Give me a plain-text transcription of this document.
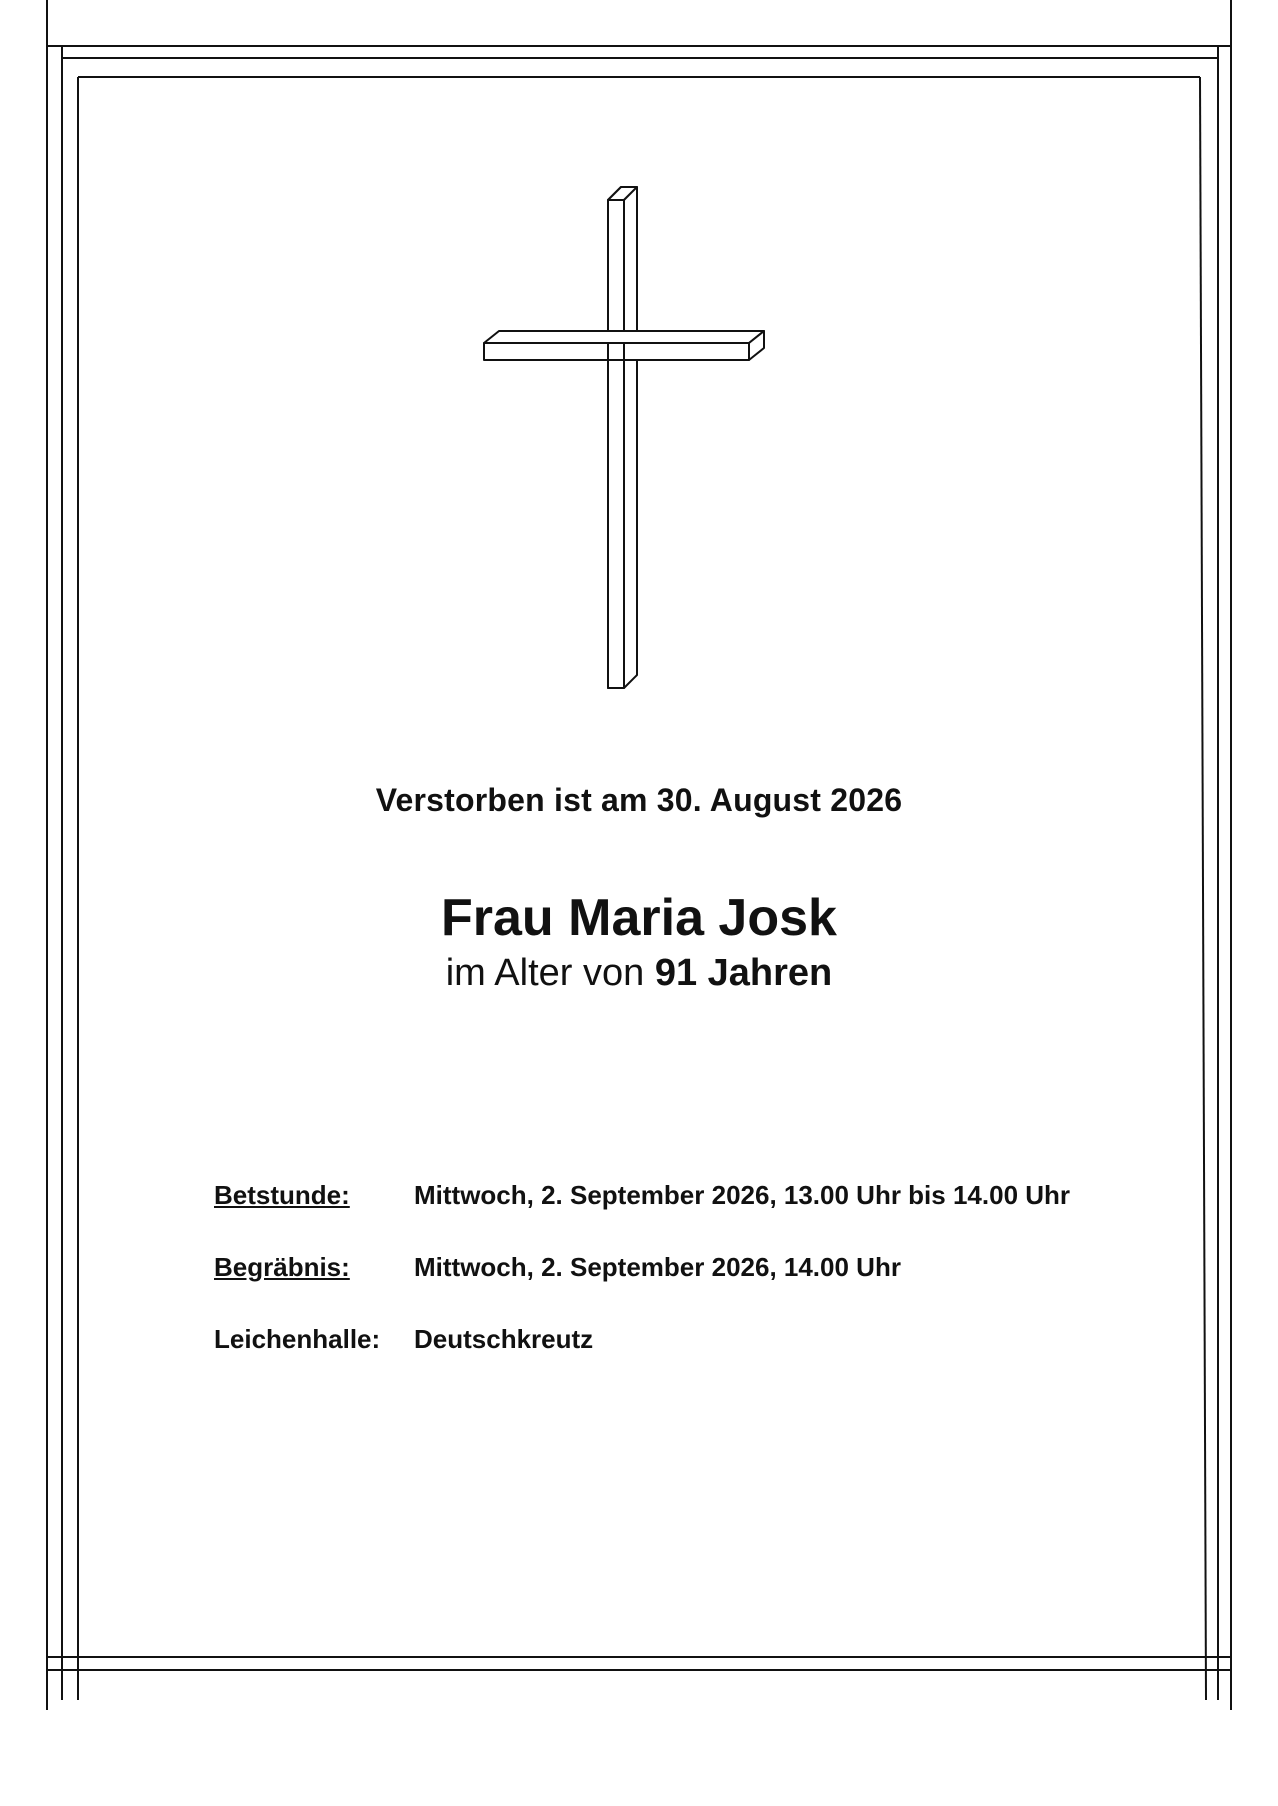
Verstorben ist am 30. August 2026
Frau Maria Josk
im Alter von 91 Jahren
Betstunde:	Mittwoch, 2. September 2026, 13.00 Uhr bis 14.00 Uhr
Begräbnis:	Mittwoch, 2. September 2026, 14.00 Uhr
Leichenhalle:	Deutschkreutz
